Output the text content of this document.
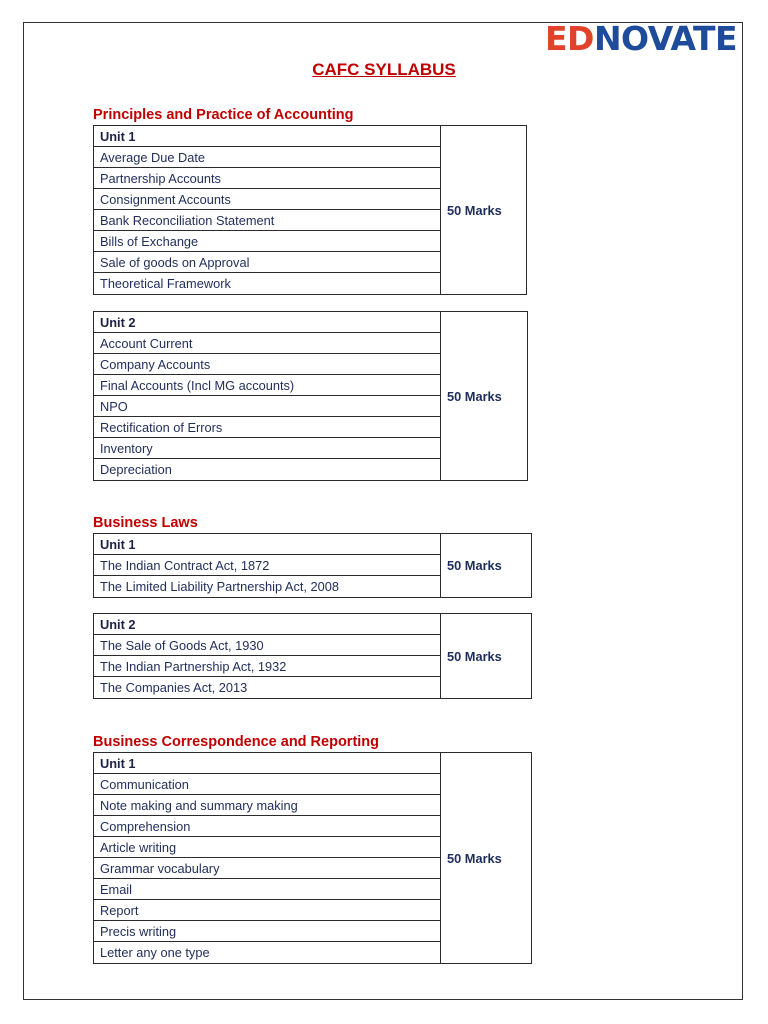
EDNOVATE
CAFC SYLLABUS
Principles and Practice of Accounting
Unit 1
Average Due Date
Partnership Accounts
Consignment Accounts
Bank Reconciliation Statement
Bills of Exchange
Sale of goods on Approval
Theoretical Framework
50 Marks
Unit 2
Account Current
Company Accounts
Final Accounts (Incl MG accounts)
NPO
Rectification of Errors
Inventory
Depreciation
50 Marks
Business Laws
Unit 1
The Indian Contract Act, 1872
The Limited Liability Partnership Act, 2008
50 Marks
Unit 2
The Sale of Goods Act, 1930
The Indian Partnership Act, 1932
The Companies Act, 2013
50 Marks
Business Correspondence and Reporting
Unit 1
Communication
Note making and summary making
Comprehension
Article writing
Grammar vocabulary
Email
Report
Precis writing
Letter any one type
50 Marks
